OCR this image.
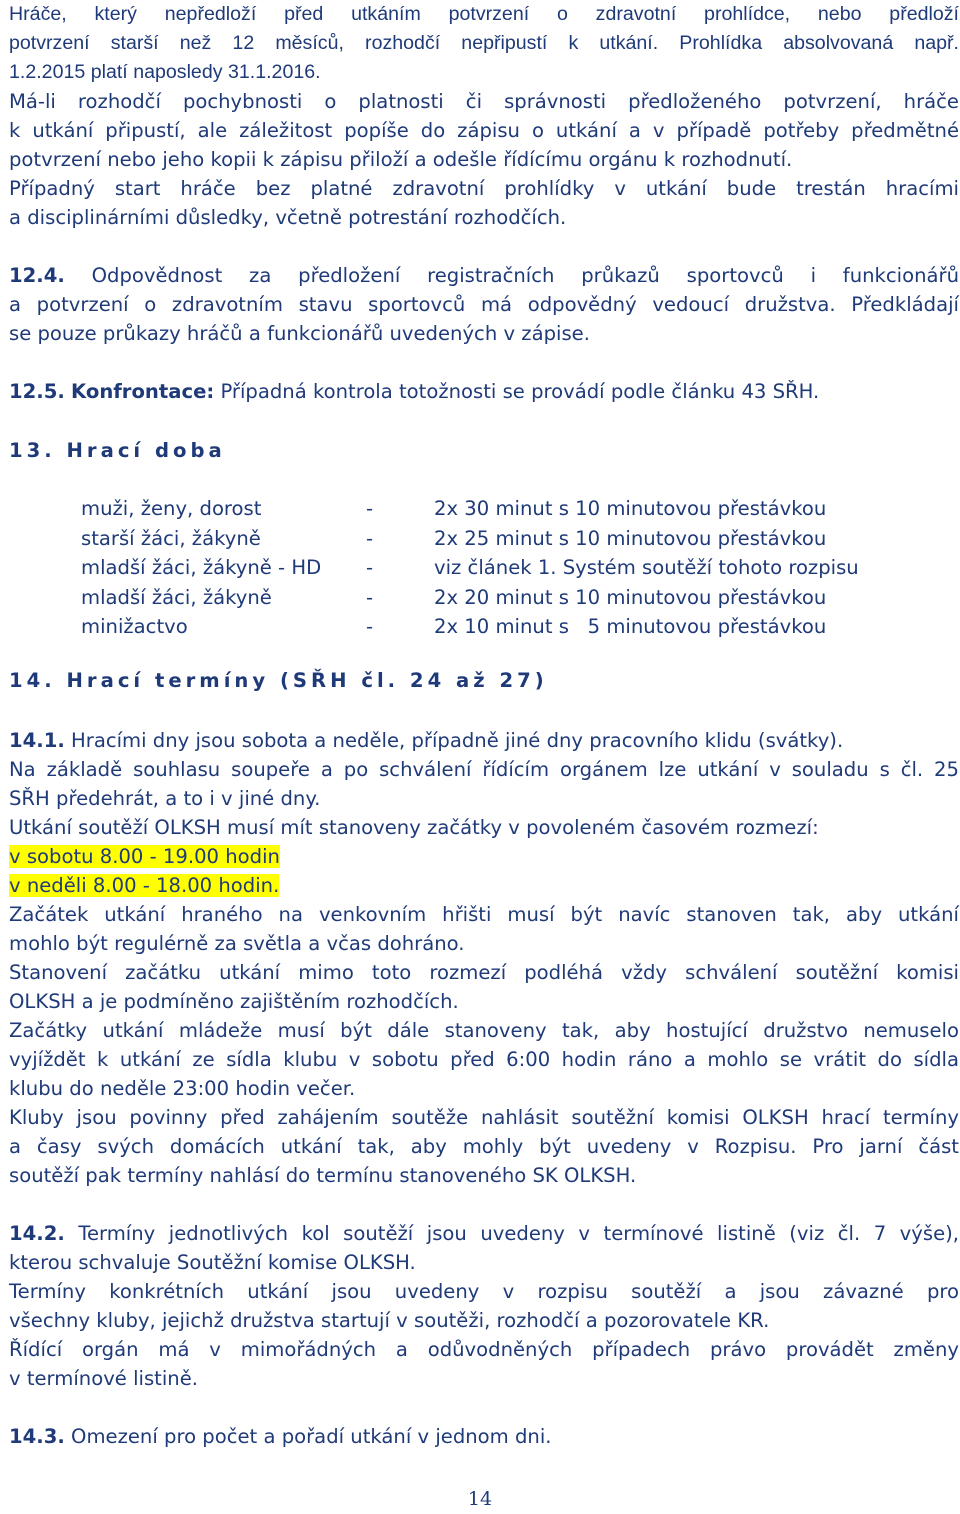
Hráče, který nepředloží před utkáním potvrzení o zdravotní prohlídce, nebo předloží
potvrzení starší než 12 měsíců, rozhodčí nepřipustí k utkání. Prohlídka absolvovaná např.
1.2.2015 platí naposledy 31.1.2016.
Má-li rozhodčí pochybnosti o platnosti či správnosti předloženého potvrzení, hráče
k utkání připustí, ale záležitost popíše do zápisu o utkání a v případě potřeby předmětné
potvrzení nebo jeho kopii k zápisu přiloží a odešle řídícímu orgánu k rozhodnutí.
Případný start hráče bez platné zdravotní prohlídky v utkání bude trestán hracími
a disciplinárními důsledky, včetně potrestání rozhodčích.
12.4. Odpovědnost za předložení registračních průkazů sportovců i funkcionářů
a potvrzení o zdravotním stavu sportovců má odpovědný vedoucí družstva. Předkládají
se pouze průkazy hráčů a funkcionářů uvedených v zápise.
12.5. Konfrontace: Případná kontrola totožnosti se provádí podle článku 43 SŘH.
13. Hrací doba
muži, ženy, dorost	-	2x 30 minut s 10 minutovou přestávkou
starší žáci, žákyně	-	2x 25 minut s 10 minutovou přestávkou
mladší žáci, žákyně - HD -	viz článek 1. Systém soutěží tohoto rozpisu
mladší žáci, žákyně	-	2x 20 minut s 10 minutovou přestávkou
minižactvo	-	2x 10 minut s   5 minutovou přestávkou
14. Hrací termíny (SŘH čl. 24 až 27)
14.1. Hracími dny jsou sobota a neděle, případně jiné dny pracovního klidu (svátky).
Na základě souhlasu soupeře a po schválení řídícím orgánem lze utkání v souladu s čl. 25
SŘH předehrát, a to i v jiné dny.
Utkání soutěží OLKSH musí mít stanoveny začátky v povoleném časovém rozmezí:
v sobotu 8.00 - 19.00 hodin
v neděli 8.00 - 18.00 hodin.
Začátek utkání hraného na venkovním hřišti musí být navíc stanoven tak, aby utkání
mohlo být regulérně za světla a včas dohráno.
Stanovení začátku utkání mimo toto rozmezí podléhá vždy schválení soutěžní komisi
OLKSH a je podmíněno zajištěním rozhodčích.
Začátky utkání mládeže musí být dále stanoveny tak, aby hostující družstvo nemuselo
vyjíždět k utkání ze sídla klubu v sobotu před 6:00 hodin ráno a mohlo se vrátit do sídla
klubu do neděle 23:00 hodin večer.
Kluby jsou povinny před zahájením soutěže nahlásit soutěžní komisi OLKSH hrací termíny
a časy svých domácích utkání tak, aby mohly být uvedeny v Rozpisu. Pro jarní část
soutěží pak termíny nahlásí do termínu stanoveného SK OLKSH.
14.2. Termíny jednotlivých kol soutěží jsou uvedeny v termínové listině (viz čl. 7 výše),
kterou schvaluje Soutěžní komise OLKSH.
Termíny konkrétních utkání jsou uvedeny v rozpisu soutěží a jsou závazné pro
všechny kluby, jejichž družstva startují v soutěži, rozhodčí a pozorovatele KR.
Řídící orgán má v mimořádných a odůvodněných případech právo provádět změny
v termínové listině.
14.3. Omezení pro počet a pořadí utkání v jednom dni.
14
